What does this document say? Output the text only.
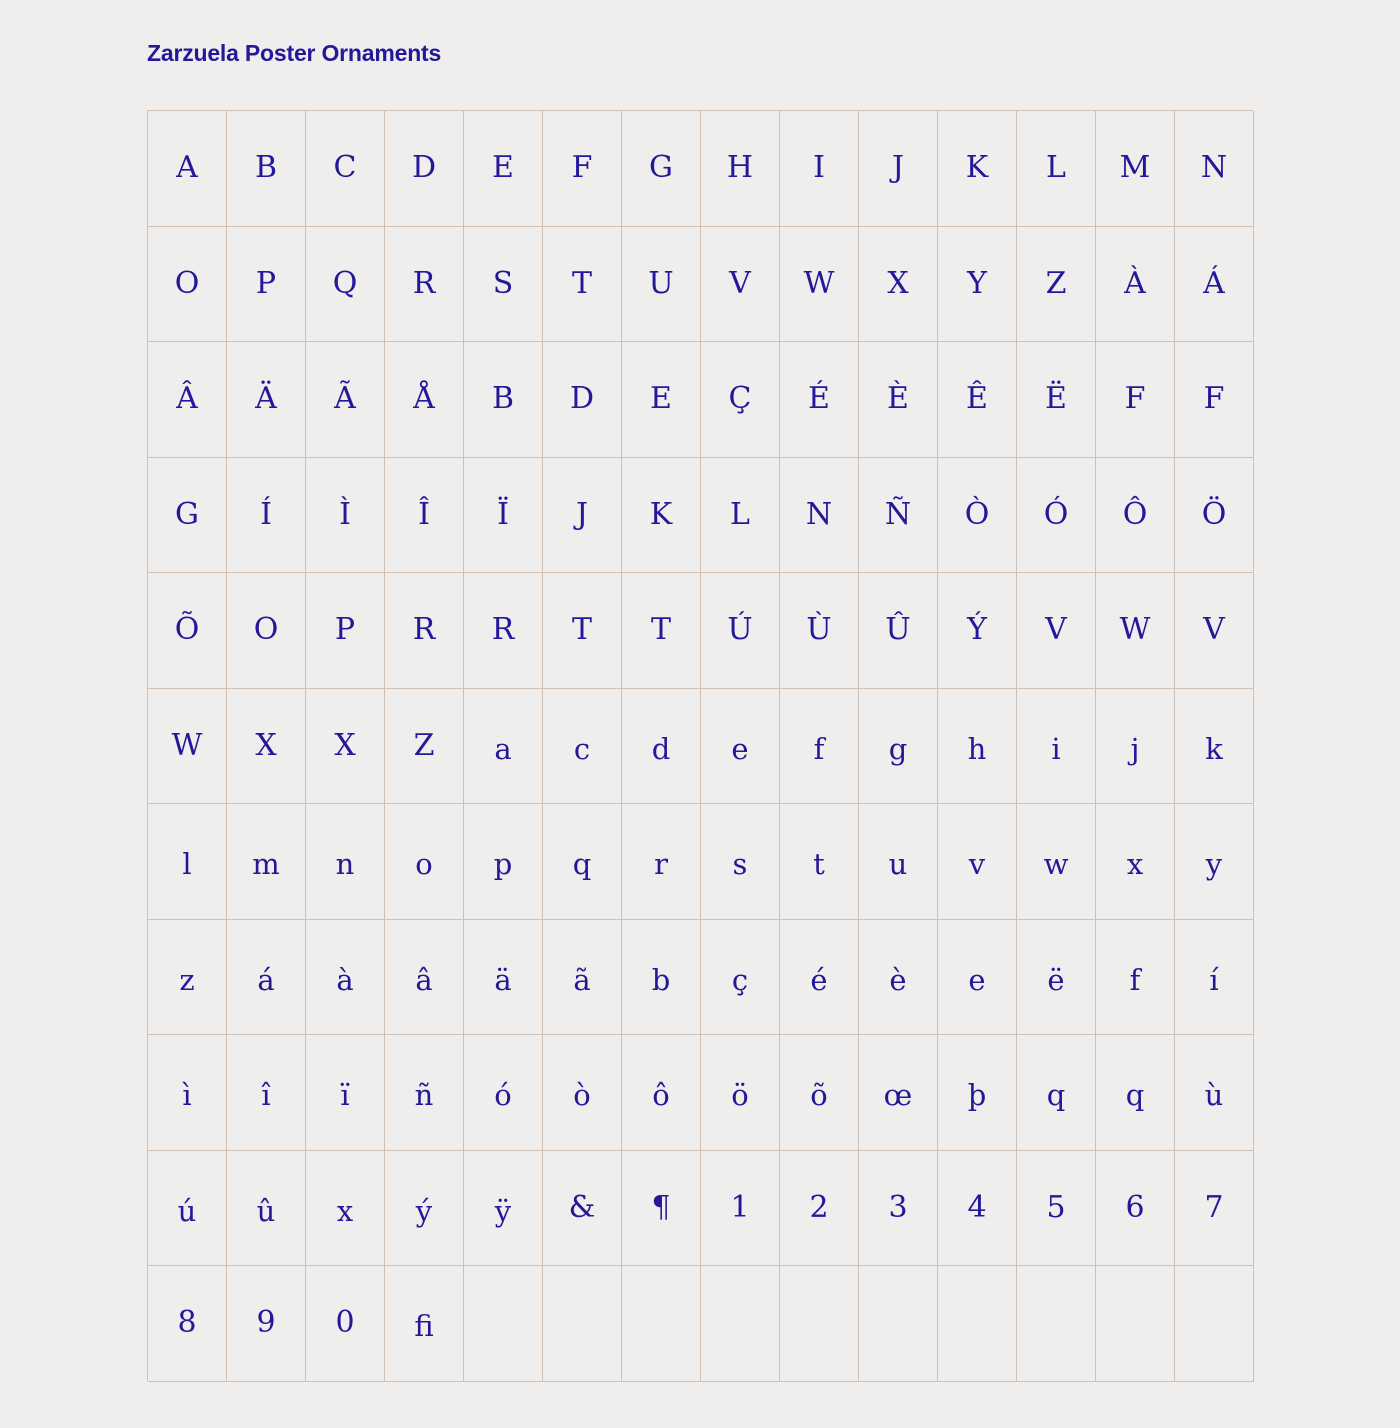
Zarzuela Poster Ornaments
A	B	C	D	E	F	G	H	I	J	K	L	M	N
O	P	Q	R	S	T	U	V	W	X	Y	Z	À	Á
Â	Ä	Ã	Å	B	D	E	Ç	É	È	Ê	Ë	F	F
G	Í	Ì	Î	Ï	J	K	L	N	Ñ	Ò	Ó	Ô	Ö
Õ	O	P	R	R	T	T	Ú	Ù	Û	Ý	V	W	V
W	X	X	Z	a	c	d	e	f	g	h	i	j	k
l	m	n	o	p	q	r	s	t	u	v	w	x	y
z	á	à	â	ä	ã	b	ç	é	è	e	ë	f	í
ì	î	ï	ñ	ó	ò	ô	ö	õ	œ	þ	q	q	ù
ú	û	x	ý	ÿ	&	¶	1	2	3	4	5	6	7
8	9	0	fi
